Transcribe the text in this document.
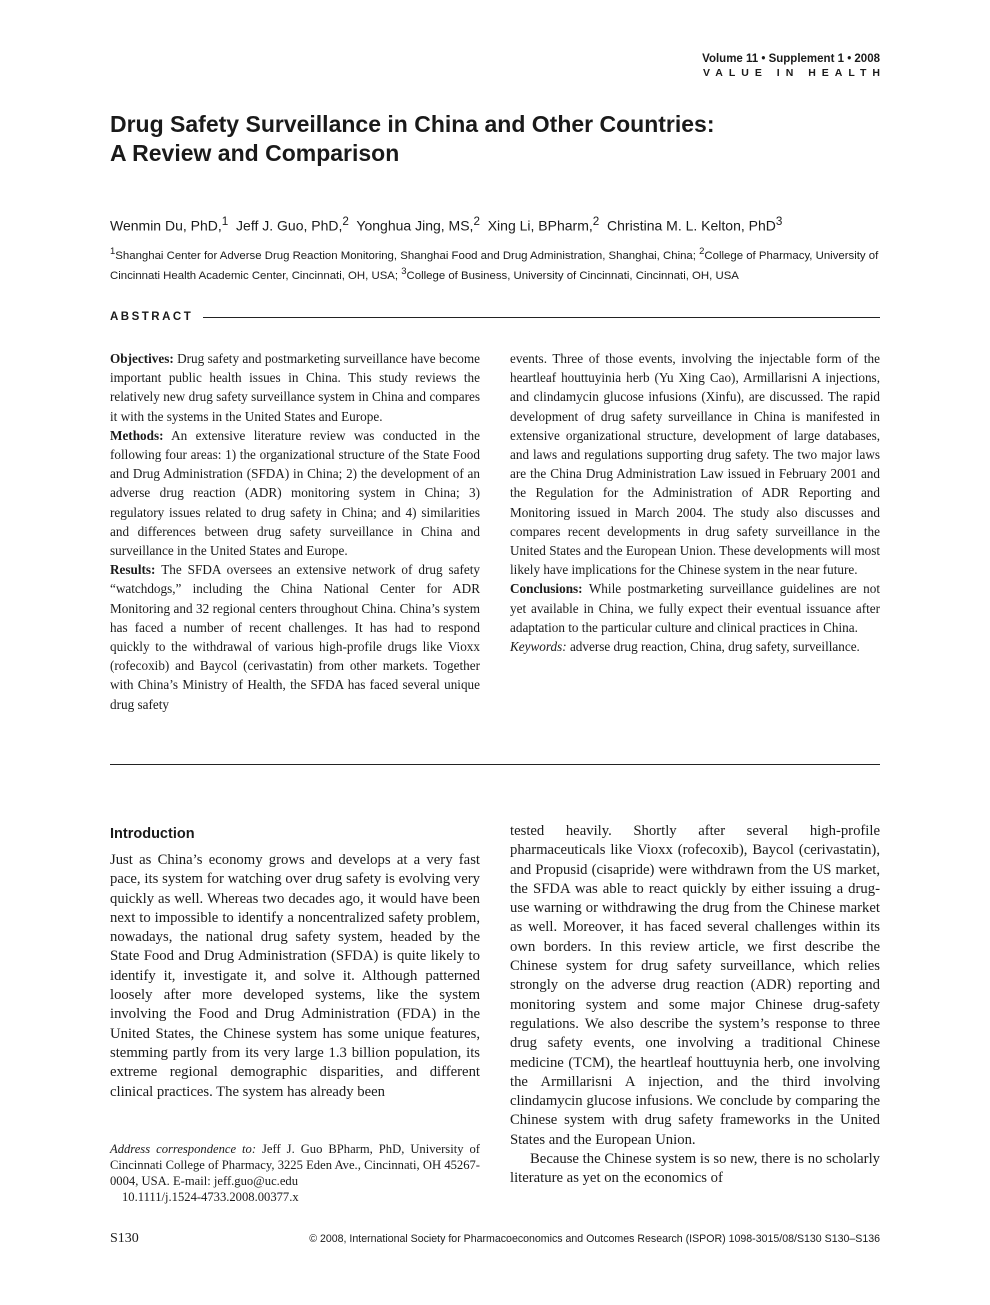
Volume 11 • Supplement 1 • 2008
VALUE IN HEALTH
Drug Safety Surveillance in China and Other Countries:
A Review and Comparison
Wenmin Du, PhD,$^1$ Jeff J. Guo, PhD,$^2$ Yonghua Jing, MS,$^2$ Xing Li, BPharm,$^2$ Christina M. L. Kelton, PhD$^3$
$^1$Shanghai Center for Adverse Drug Reaction Monitoring, Shanghai Food and Drug Administration, Shanghai, China; $^2$College of Pharmacy, University of Cincinnati Health Academic Center, Cincinnati, OH, USA; $^3$College of Business, University of Cincinnati, Cincinnati, OH, USA
ABSTRACT

Objectives: Drug safety and postmarketing surveillance have become important public health issues in China. This study reviews the relatively new drug safety surveillance system in China and compares it with the systems in the United States and Europe.

Methods: An extensive literature review was conducted in the following four areas: 1) the organizational structure of the State Food and Drug Administration (SFDA) in China; 2) the development of an adverse drug reaction (ADR) monitoring system in China; 3) regulatory issues related to drug safety in China; and 4) similarities and differences between drug safety surveillance in China and surveillance in the United States and Europe.

Results: The SFDA oversees an extensive network of drug safety “watchdogs,” including the China National Center for ADR Monitoring and 32 regional centers throughout China. China’s system has faced a number of recent challenges. It has had to respond quickly to the withdrawal of various high-profile drugs like Vioxx (rofecoxib) and Baycol (cerivastatin) from other markets. Together with China’s Ministry of Health, the SFDA has faced several unique drug safety

events. Three of those events, involving the injectable form of the heartleaf houttuyinia herb (Yu Xing Cao), Armillarisni A injections, and clindamycin glucose infusions (Xinfu), are discussed. The rapid development of drug safety surveillance in China is manifested in extensive organizational structure, development of large databases, and laws and regulations supporting drug safety. The two major laws are the China Drug Administration Law issued in February 2001 and the Regulation for the Administration of ADR Reporting and Monitoring issued in March 2004. The study also discusses and compares recent developments in drug safety surveillance in the United States and the European Union. These developments will most likely have implications for the Chinese system in the near future.

Conclusions: While postmarketing surveillance guidelines are not yet available in China, we fully expect their eventual issuance after adaptation to the particular culture and clinical practices in China.

Keywords: adverse drug reaction, China, drug safety, surveillance.

Introduction

Just as China’s economy grows and develops at a very fast pace, its system for watching over drug safety is evolving very quickly as well. Whereas two decades ago, it would have been next to impossible to identify a noncentralized safety problem, nowadays, the national drug safety system, headed by the State Food and Drug Administration (SFDA) is quite likely to identify it, investigate it, and solve it. Although patterned loosely after more developed systems, like the system involving the Food and Drug Administration (FDA) in the United States, the Chinese system has some unique features, stemming partly from its very large 1.3 billion population, its extreme regional demographic disparities, and different clinical practices. The system has already been

tested heavily. Shortly after several high-profile pharmaceuticals like Vioxx (rofecoxib), Baycol (cerivastatin), and Propusid (cisapride) were withdrawn from the US market, the SFDA was able to react quickly by either issuing a drug-use warning or withdrawing the drug from the Chinese market as well. Moreover, it has faced several challenges within its own borders. In this review article, we first describe the Chinese system for drug safety surveillance, which relies strongly on the adverse drug reaction (ADR) reporting and monitoring system and some major Chinese drug-safety regulations. We also describe the system’s response to three drug safety events, one involving a traditional Chinese medicine (TCM), the heartleaf houttuynia herb, one involving the Armillarisni A injection, and the third involving clindamycin glucose infusions. We conclude by comparing the Chinese system with drug safety frameworks in the United States and the European Union.

Because the Chinese system is so new, there is no scholarly literature as yet on the economics of

Address correspondence to: Jeff J. Guo BPharm, PhD, University of Cincinnati College of Pharmacy, 3225 Eden Ave., Cincinnati, OH 45267-0004, USA. E-mail: jeff.guo@uc.edu
10.1111/j.1524-4733.2008.00377.x
S130	© 2008, International Society for Pharmacoeconomics and Outcomes Research (ISPOR) 1098-3015/08/S130 S130–S136
